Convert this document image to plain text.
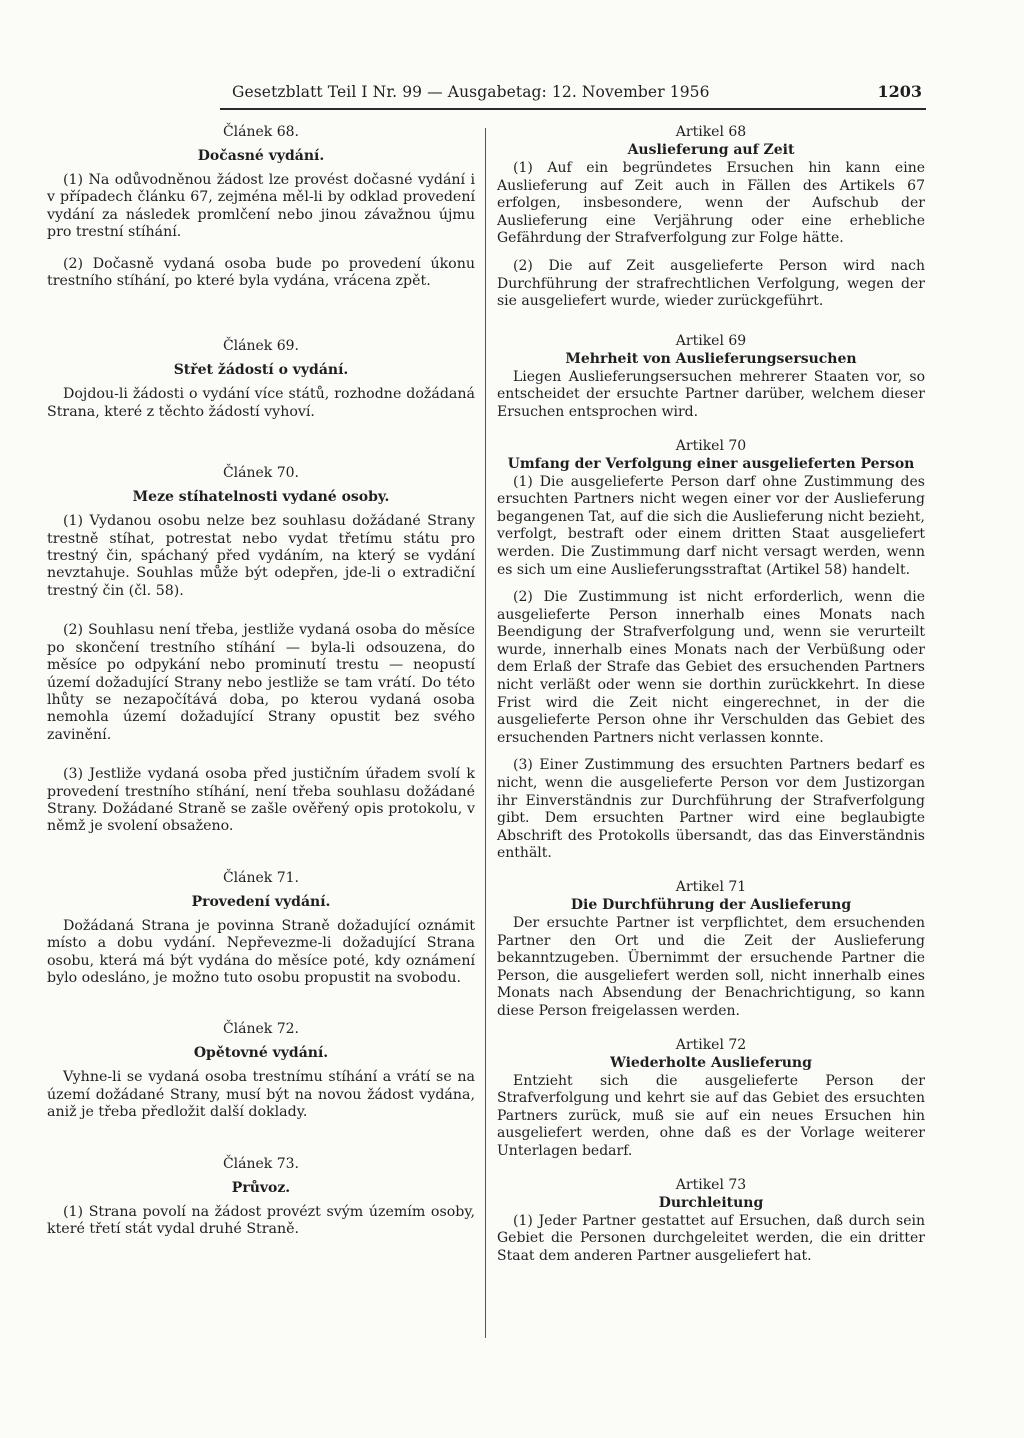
Gesetzblatt Teil I Nr. 99 — Ausgabetag: 12. November 1956	1203

Článek 68.

Dočasné vydání.

(1) Na odůvodněnou žádost lze provést dočasné vydání i v případech článku 67, zejména měl-li by odklad provedení vydání za následek promlčení nebo jinou závažnou újmu pro trestní stíhání.

(2) Dočasně vydaná osoba bude po provedení úkonu trestního stíhání, po které byla vydána, vrácena zpět.

Článek 69.

Střet žádostí o vydání.

Dojdou-li žádosti o vydání více států, rozhodne dožádaná Strana, které z těchto žádostí vyhoví.

Článek 70.

Meze stíhatelnosti vydané osoby.

(1) Vydanou osobu nelze bez souhlasu dožádané Strany trestně stíhat, potrestat nebo vydat třetímu státu pro trestný čin, spáchaný před vydáním, na který se vydání nevztahuje. Souhlas může být odepřen, jde-li o extradiční trestný čin (čl. 58).

(2) Souhlasu není třeba, jestliže vydaná osoba do měsíce po skončení trestního stíhání — byla-li odsouzena, do měsíce po odpykání nebo prominutí trestu — neopustí území dožadující Strany nebo jestliže se tam vrátí. Do této lhůty se nezapočítává doba, po kterou vydaná osoba nemohla území dožadující Strany opustit bez svého zavinění.

(3) Jestliže vydaná osoba před justičním úřadem svolí k provedení trestního stíhání, není třeba souhlasu dožádané Strany. Dožádané Straně se zašle ověřený opis protokolu, v němž je svolení obsaženo.

Článek 71.

Provedení vydání.

Dožádaná Strana je povinna Straně dožadující oznámit místo a dobu vydání. Nepřevezme-li dožadující Strana osobu, která má být vydána do měsíce poté, kdy oznámení bylo odesláno, je možno tuto osobu propustit na svobodu.

Článek 72.

Opětovné vydání.

Vyhne-li se vydaná osoba trestnímu stíhání a vrátí se na území dožádané Strany, musí být na novou žádost vydána, aniž je třeba předložit další doklady.

Článek 73.

Průvoz.

(1) Strana povolí na žádost provézt svým územím osoby, které třetí stát vydal druhé Straně.

Artikel 68

Auslieferung auf Zeit

(1) Auf ein begründetes Ersuchen hin kann eine Auslieferung auf Zeit auch in Fällen des Artikels 67 erfolgen, insbesondere, wenn der Aufschub der Auslieferung eine Verjährung oder eine erhebliche Gefährdung der Strafverfolgung zur Folge hätte.

(2) Die auf Zeit ausgelieferte Person wird nach Durchführung der strafrechtlichen Verfolgung, wegen der sie ausgeliefert wurde, wieder zurückgeführt.

Artikel 69

Mehrheit von Auslieferungsersuchen

Liegen Auslieferungsersuchen mehrerer Staaten vor, so entscheidet der ersuchte Partner darüber, welchem dieser Ersuchen entsprochen wird.

Artikel 70

Umfang der Verfolgung einer ausgelieferten Person

(1) Die ausgelieferte Person darf ohne Zustimmung des ersuchten Partners nicht wegen einer vor der Auslieferung begangenen Tat, auf die sich die Auslieferung nicht bezieht, verfolgt, bestraft oder einem dritten Staat ausgeliefert werden. Die Zustimmung darf nicht versagt werden, wenn es sich um eine Auslieferungsstraftat (Artikel 58) handelt.

(2) Die Zustimmung ist nicht erforderlich, wenn die ausgelieferte Person innerhalb eines Monats nach Beendigung der Strafverfolgung und, wenn sie verurteilt wurde, innerhalb eines Monats nach der Verbüßung oder dem Erlaß der Strafe das Gebiet des ersuchenden Partners nicht verläßt oder wenn sie dorthin zurückkehrt. In diese Frist wird die Zeit nicht eingerechnet, in der die ausgelieferte Person ohne ihr Verschulden das Gebiet des ersuchenden Partners nicht verlassen konnte.

(3) Einer Zustimmung des ersuchten Partners bedarf es nicht, wenn die ausgelieferte Person vor dem Justizorgan ihr Einverständnis zur Durchführung der Strafverfolgung gibt. Dem ersuchten Partner wird eine beglaubigte Abschrift des Protokolls übersandt, das das Einverständnis enthält.

Artikel 71

Die Durchführung der Auslieferung

Der ersuchte Partner ist verpflichtet, dem ersuchenden Partner den Ort und die Zeit der Auslieferung bekanntzugeben. Übernimmt der ersuchende Partner die Person, die ausgeliefert werden soll, nicht innerhalb eines Monats nach Absendung der Benachrichtigung, so kann diese Person freigelassen werden.

Artikel 72

Wiederholte Auslieferung

Entzieht sich die ausgelieferte Person der Strafverfolgung und kehrt sie auf das Gebiet des ersuchten Partners zurück, muß sie auf ein neues Ersuchen hin ausgeliefert werden, ohne daß es der Vorlage weiterer Unterlagen bedarf.

Artikel 73

Durchleitung

(1) Jeder Partner gestattet auf Ersuchen, daß durch sein Gebiet die Personen durchgeleitet werden, die ein dritter Staat dem anderen Partner ausgeliefert hat.
